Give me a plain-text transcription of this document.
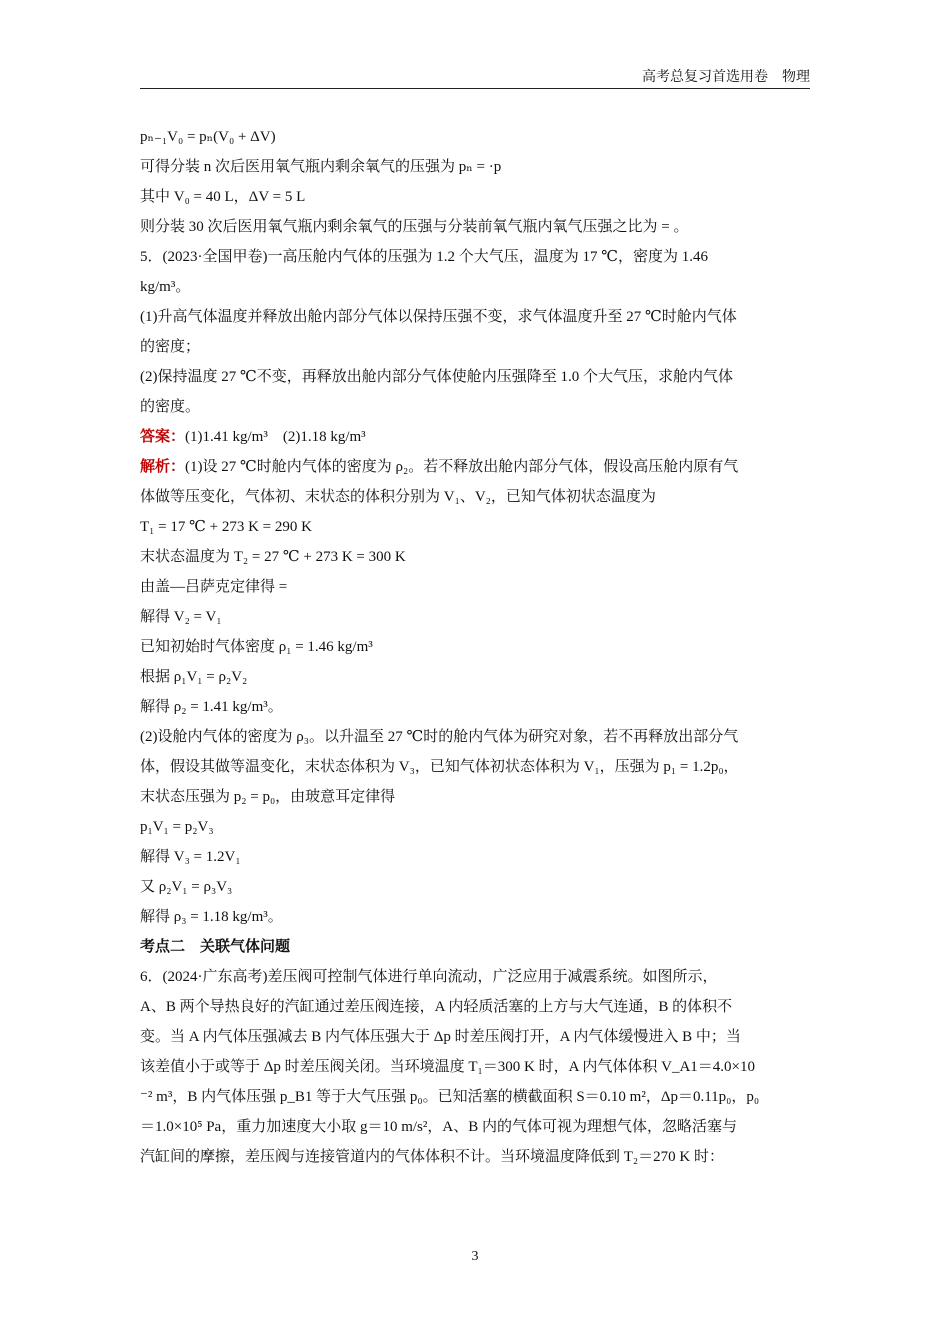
高考总复习首选用卷　物理
pₙ₋₁V₀ = pₙ(V₀ + ΔV)
可得分装 n 次后医用氧气瓶内剩余氧气的压强为 pₙ = ·p
其中 V₀ = 40 L，ΔV = 5 L
则分装 30 次后医用氧气瓶内剩余氧气的压强与分装前氧气瓶内氧气压强之比为 = 。
5．(2023·全国甲卷)一高压舱内气体的压强为 1.2 个大气压，温度为 17 ℃，密度为 1.46
kg/m³。
(1)升高气体温度并释放出舱内部分气体以保持压强不变，求气体温度升至 27 ℃时舱内气体
的密度；
(2)保持温度 27 ℃不变，再释放出舱内部分气体使舱内压强降至 1.0 个大气压，求舱内气体
的密度。
答案：(1)1.41 kg/m³　(2)1.18 kg/m³
解析：(1)设 27 ℃时舱内气体的密度为 ρ₂。若不释放出舱内部分气体，假设高压舱内原有气
体做等压变化，气体初、末状态的体积分别为 V₁、V₂，已知气体初状态温度为
T₁ = 17 ℃ + 273 K = 290 K
末状态温度为 T₂ = 27 ℃ + 273 K = 300 K
由盖—吕萨克定律得 =
解得 V₂ = V₁
已知初始时气体密度 ρ₁ = 1.46 kg/m³
根据 ρ₁V₁ = ρ₂V₂
解得 ρ₂ = 1.41 kg/m³。
(2)设舱内气体的密度为 ρ₃。以升温至 27 ℃时的舱内气体为研究对象，若不再释放出部分气
体，假设其做等温变化，末状态体积为 V₃，已知气体初状态体积为 V₁，压强为 p₁ = 1.2p₀，
末状态压强为 p₂ = p₀，由玻意耳定律得
p₁V₁ = p₂V₃
解得 V₃ = 1.2V₁
又 ρ₂V₁ = ρ₃V₃
解得 ρ₃ = 1.18 kg/m³。
考点二　关联气体问题
6．(2024·广东高考)差压阀可控制气体进行单向流动，广泛应用于减震系统。如图所示，
A、B 两个导热良好的汽缸通过差压阀连接，A 内轻质活塞的上方与大气连通，B 的体积不
变。当 A 内气体压强减去 B 内气体压强大于 Δp 时差压阀打开，A 内气体缓慢进入 B 中；当
该差值小于或等于 Δp 时差压阀关闭。当环境温度 T₁＝300 K 时，A 内气体体积 V_A1＝4.0×10
⁻² m³，B 内气体压强 p_B1 等于大气压强 p₀。已知活塞的横截面积 S＝0.10 m²，Δp＝0.11p₀，p₀
＝1.0×10⁵ Pa，重力加速度大小取 g＝10 m/s²，A、B 内的气体可视为理想气体，忽略活塞与
汽缸间的摩擦，差压阀与连接管道内的气体体积不计。当环境温度降低到 T₂＝270 K 时：
3
